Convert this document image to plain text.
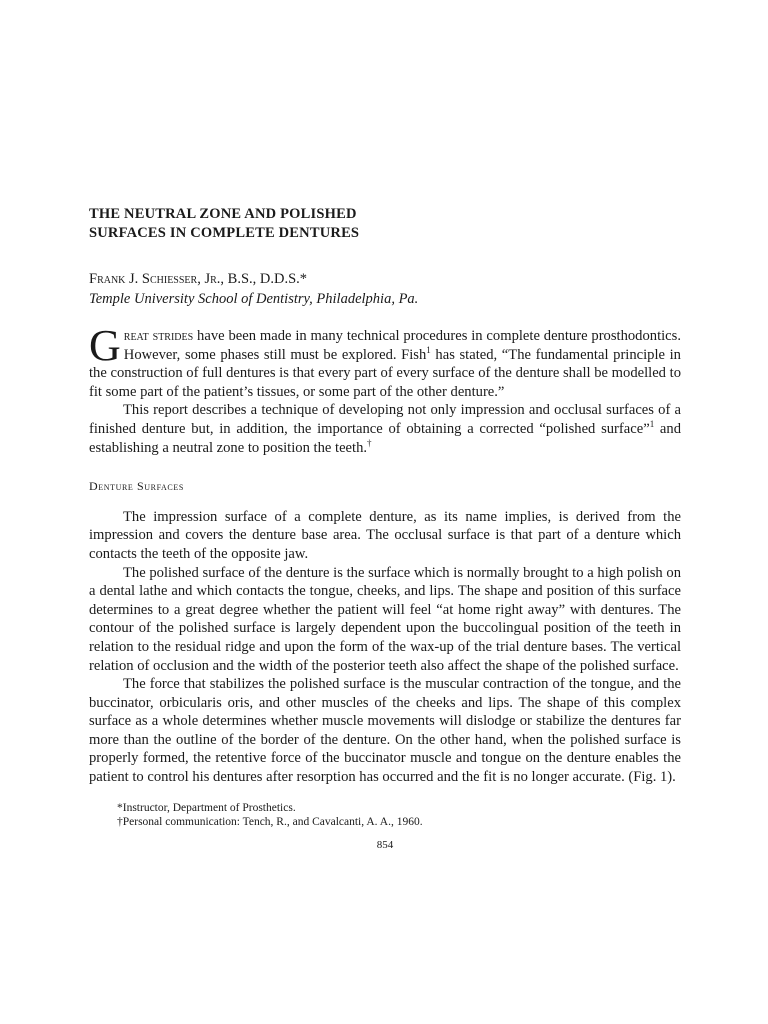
THE NEUTRAL ZONE AND POLISHED
SURFACES IN COMPLETE DENTURES
Frank J. Schiesser, Jr., B.S., D.D.S.*
Temple University School of Dentistry, Philadelphia, Pa.

Great strides have been made in many technical procedures in complete denture prosthodontics. However, some phases still must be explored. Fish$^1$ has stated, “The fundamental principle in the construction of full dentures is that every part of every surface of the denture shall be modelled to fit some part of the patient’s tissues, or some part of the other denture.”

This report describes a technique of developing not only impression and occlusal surfaces of a finished denture but, in addition, the importance of obtaining a corrected “polished surface”$^1$ and establishing a neutral zone to position the teeth.†

Denture Surfaces

The impression surface of a complete denture, as its name implies, is derived from the impression and covers the denture base area. The occlusal surface is that part of a denture which contacts the teeth of the opposite jaw.

The polished surface of the denture is the surface which is normally brought to a high polish on a dental lathe and which contacts the tongue, cheeks, and lips. The shape and position of this surface determines to a great degree whether the patient will feel “at home right away” with dentures. The contour of the polished surface is largely dependent upon the buccolingual position of the teeth in relation to the residual ridge and upon the form of the wax-up of the trial denture bases. The vertical relation of occlusion and the width of the posterior teeth also affect the shape of the polished surface.

The force that stabilizes the polished surface is the muscular contraction of the tongue, and the buccinator, orbicularis oris, and other muscles of the cheeks and lips. The shape of this complex surface as a whole determines whether muscle movements will dislodge or stabilize the dentures far more than the outline of the border of the denture. On the other hand, when the polished surface is properly formed, the retentive force of the buccinator muscle and tongue on the denture enables the patient to control his dentures after resorption has occurred and the fit is no longer accurate. (Fig. 1).

*Instructor, Department of Prosthetics.
†Personal communication: Tench, R., and Cavalcanti, A. A., 1960.
854
